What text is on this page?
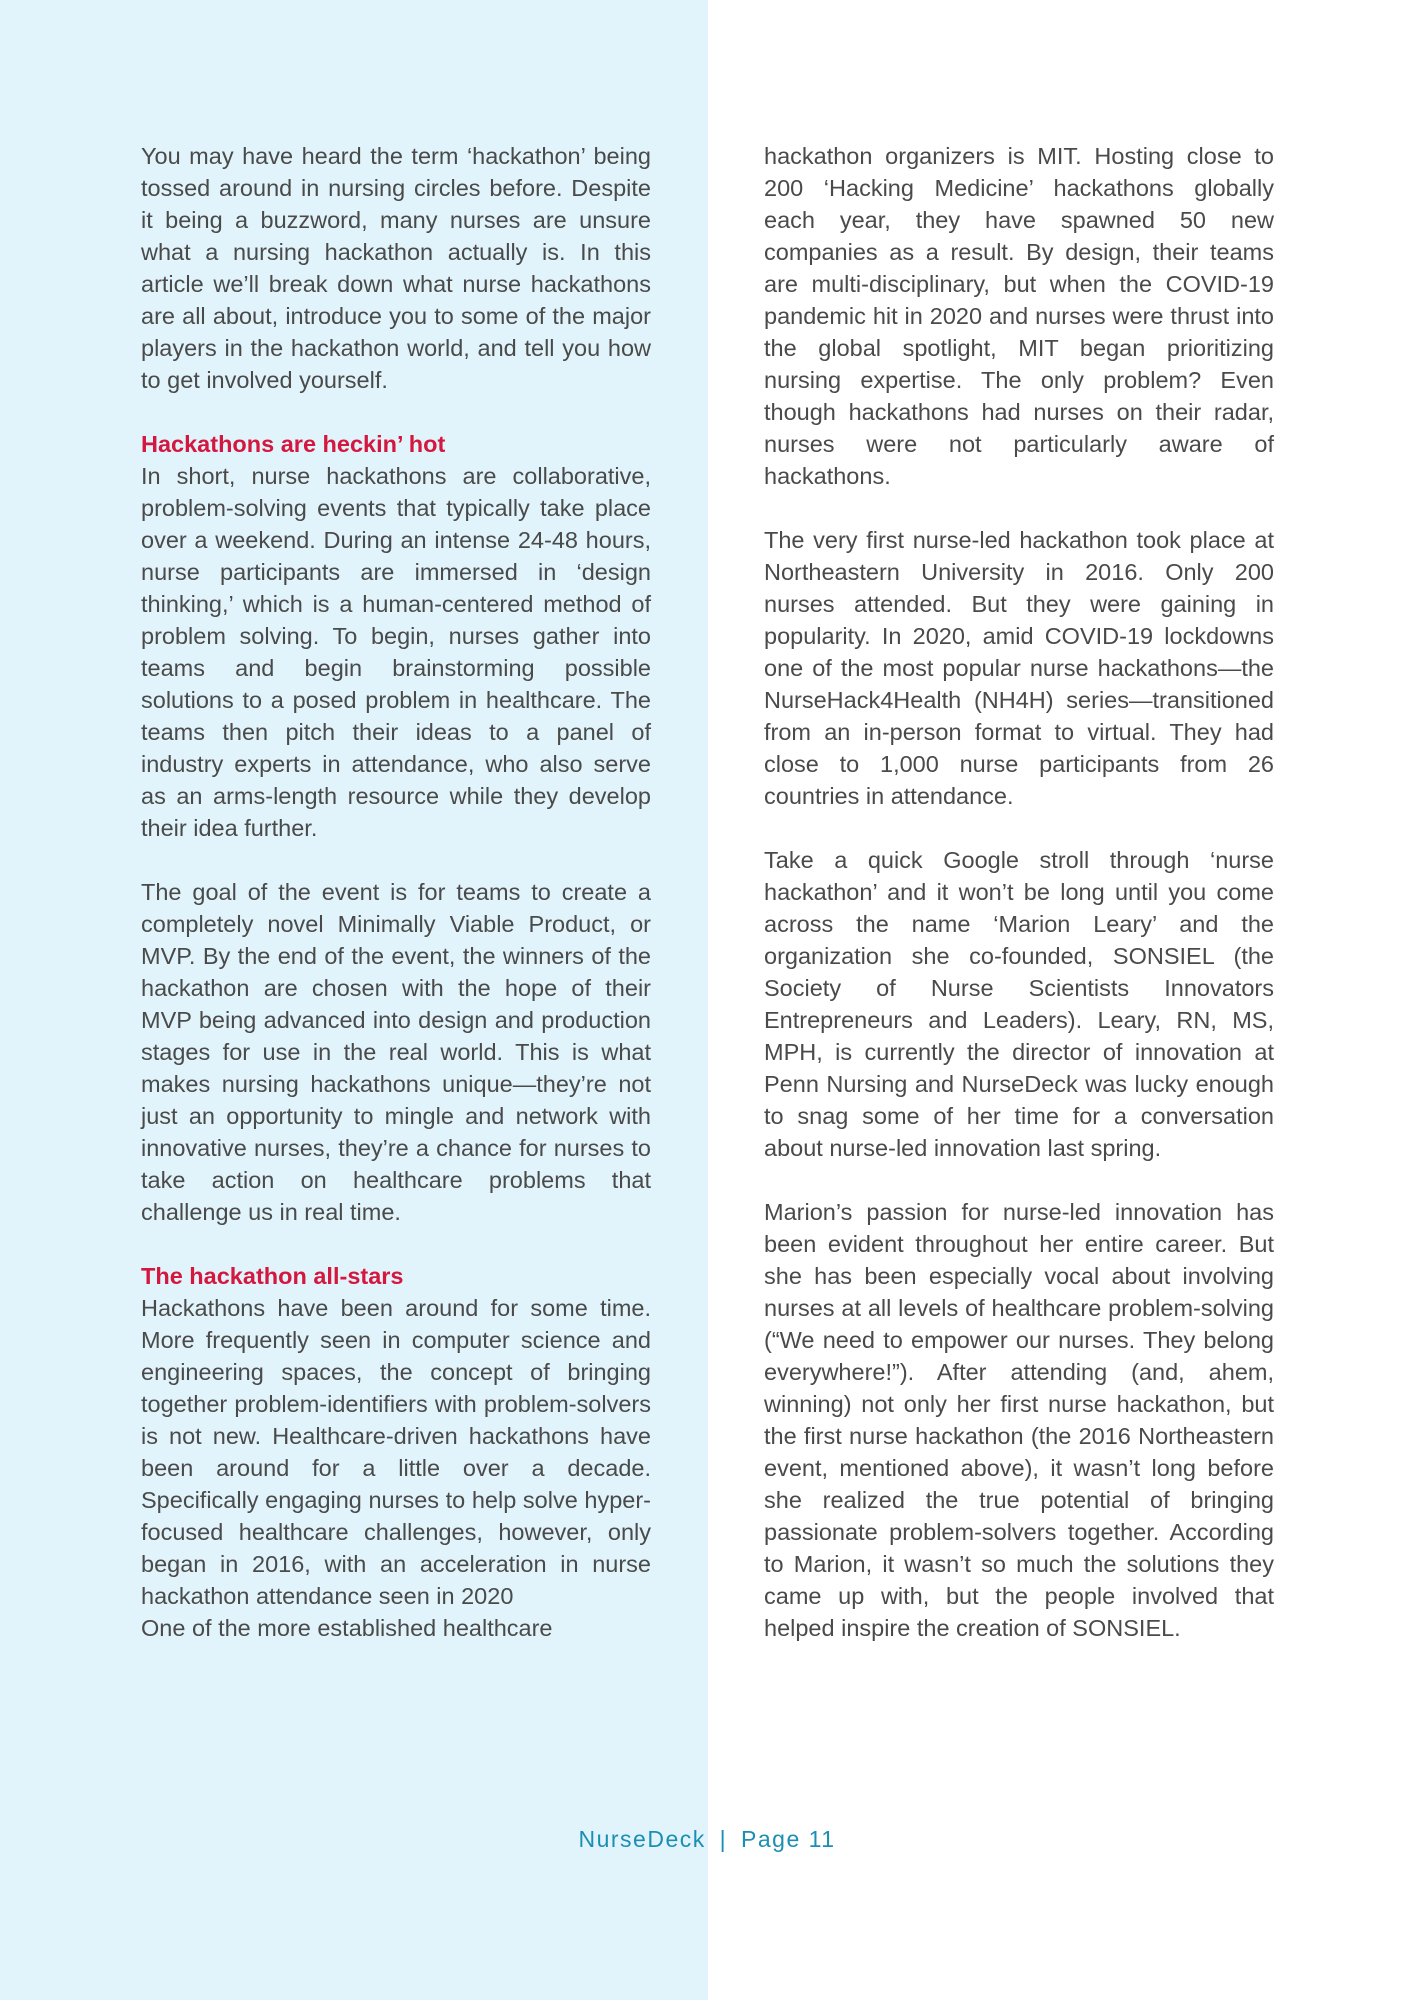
You may have heard the term ‘hackathon’ being tossed around in nursing circles before. Despite it being a buzzword, many nurses are unsure what a nursing hackathon actually is. In this article we’ll break down what nurse hackathons are all about, introduce you to some of the major players in the hackathon world, and tell you how to get involved yourself.

Hackathons are heckin’ hot

In short, nurse hackathons are collaborative, problem-solving events that typically take place over a weekend. During an intense 24-48 hours, nurse participants are immersed in ‘design thinking,’ which is a human-centered method of problem solving. To begin, nurses gather into teams and begin brainstorming possible solutions to a posed problem in healthcare. The teams then pitch their ideas to a panel of industry experts in attendance, who also serve as an arms-length resource while they develop their idea further.

The goal of the event is for teams to create a completely novel Minimally Viable Product, or MVP. By the end of the event, the winners of the hackathon are chosen with the hope of their MVP being advanced into design and production stages for use in the real world. This is what makes nursing hackathons unique—they’re not just an opportunity to mingle and network with innovative nurses, they’re a chance for nurses to take action on healthcare problems that challenge us in real time.

The hackathon all-stars

Hackathons have been around for some time. More frequently seen in computer science and engineering spaces, the concept of bringing together problem-identifiers with problem-solvers is not new. Healthcare-driven hackathons have been around for a little over a decade. Specifically engaging nurses to help solve hyper-focused healthcare challenges, however, only began in 2016, with an acceleration in nurse hackathon attendance seen in 2020

One of the more established healthcare

hackathon organizers is MIT. Hosting close to 200 ‘Hacking Medicine’ hackathons globally each year, they have spawned 50 new companies as a result. By design, their teams are multi-disciplinary, but when the COVID-19 pandemic hit in 2020 and nurses were thrust into the global spotlight, MIT began prioritizing nursing expertise. The only problem? Even though hackathons had nurses on their radar, nurses were not particularly aware of hackathons.

The very first nurse-led hackathon took place at Northeastern University in 2016. Only 200 nurses attended. But they were gaining in popularity. In 2020, amid COVID-19 lockdowns one of the most popular nurse hackathons—the NurseHack4Health (NH4H) series—transitioned from an in-person format to virtual. They had close to 1,000 nurse participants from 26 countries in attendance.

Take a quick Google stroll through ‘nurse hackathon’ and it won’t be long until you come across the name ‘Marion Leary’ and the organization she co-founded, SONSIEL (the Society of Nurse Scientists Innovators Entrepreneurs and Leaders). Leary, RN, MS, MPH, is currently the director of innovation at Penn Nursing and NurseDeck was lucky enough to snag some of her time for a conversation about nurse-led innovation last spring.

Marion’s passion for nurse-led innovation has been evident throughout her entire career. But she has been especially vocal about involving nurses at all levels of healthcare problem-solving (“We need to empower our nurses. They belong everywhere!”). After attending (and, ahem, winning) not only her first nurse hackathon, but the first nurse hackathon (the 2016 Northeastern event, mentioned above), it wasn’t long before she realized the true potential of bringing passionate problem-solvers together. According to Marion, it wasn’t so much the solutions they came up with, but the people involved that helped inspire the creation of SONSIEL.

NurseDeck | Page 11
